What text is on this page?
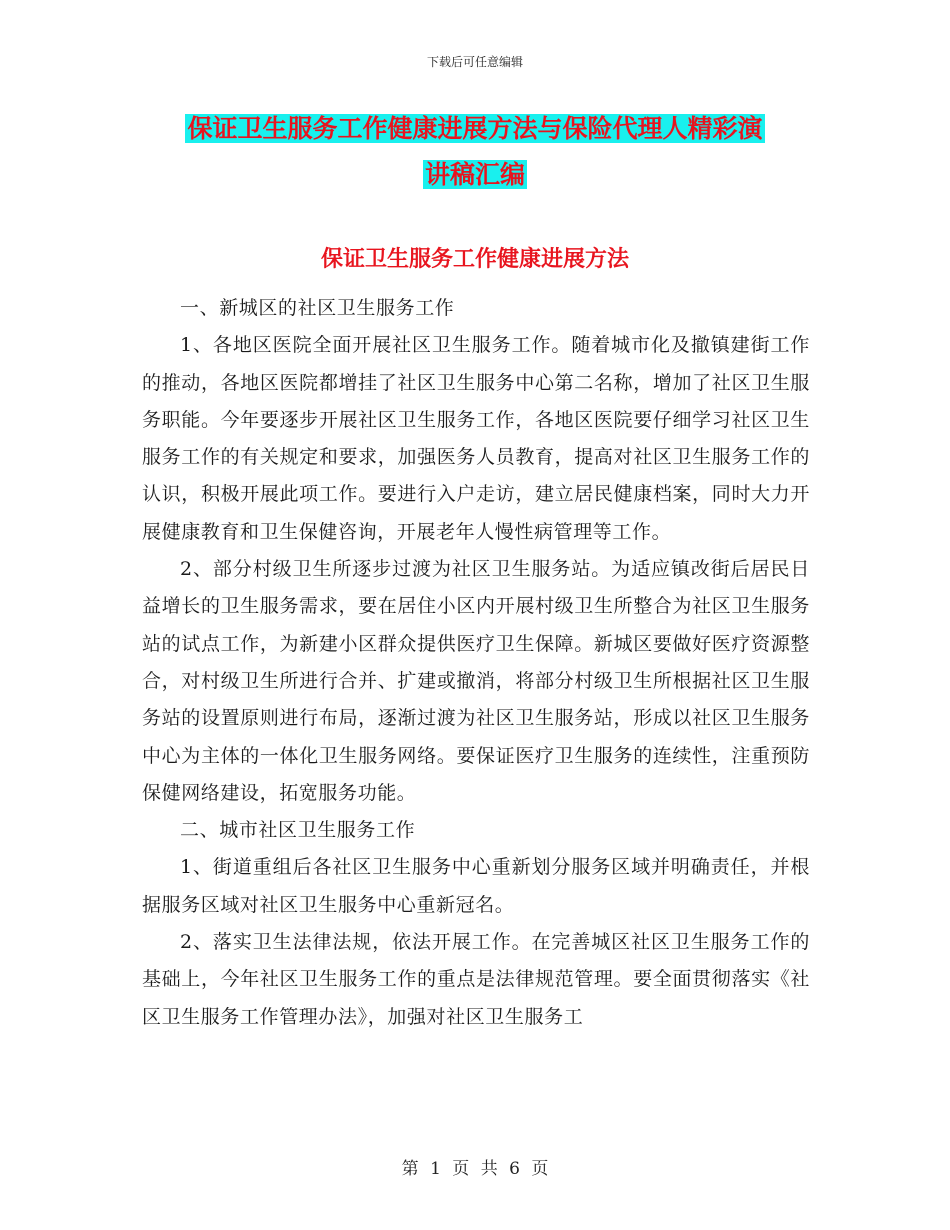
下载后可任意编辑
保证卫生服务工作健康进展方法与保险代理人精彩演
讲稿汇编
保证卫生服务工作健康进展方法

一、新城区的社区卫生服务工作

1、各地区医院全面开展社区卫生服务工作。随着城市化及撤镇建街工作的推动，各地区医院都增挂了社区卫生服务中心第二名称，增加了社区卫生服务职能。今年要逐步开展社区卫生服务工作，各地区医院要仔细学习社区卫生服务工作的有关规定和要求，加强医务人员教育，提高对社区卫生服务工作的认识，积极开展此项工作。要进行入户走访，建立居民健康档案，同时大力开展健康教育和卫生保健咨询，开展老年人慢性病管理等工作。

2、部分村级卫生所逐步过渡为社区卫生服务站。为适应镇改街后居民日益增长的卫生服务需求，要在居住小区内开展村级卫生所整合为社区卫生服务站的试点工作，为新建小区群众提供医疗卫生保障。新城区要做好医疗资源整合，对村级卫生所进行合并、扩建或撤消，将部分村级卫生所根据社区卫生服务站的设置原则进行布局，逐渐过渡为社区卫生服务站，形成以社区卫生服务中心为主体的一体化卫生服务网络。要保证医疗卫生服务的连续性，注重预防保健网络建设，拓宽服务功能。

二、城市社区卫生服务工作

1、街道重组后各社区卫生服务中心重新划分服务区域并明确责任，并根据服务区域对社区卫生服务中心重新冠名。

2、落实卫生法律法规，依法开展工作。在完善城区社区卫生服务工作的基础上，今年社区卫生服务工作的重点是法律规范管理。要全面贯彻落实《社区卫生服务工作管理办法》，加强对社区卫生服务工

第 1 页 共 6 页
